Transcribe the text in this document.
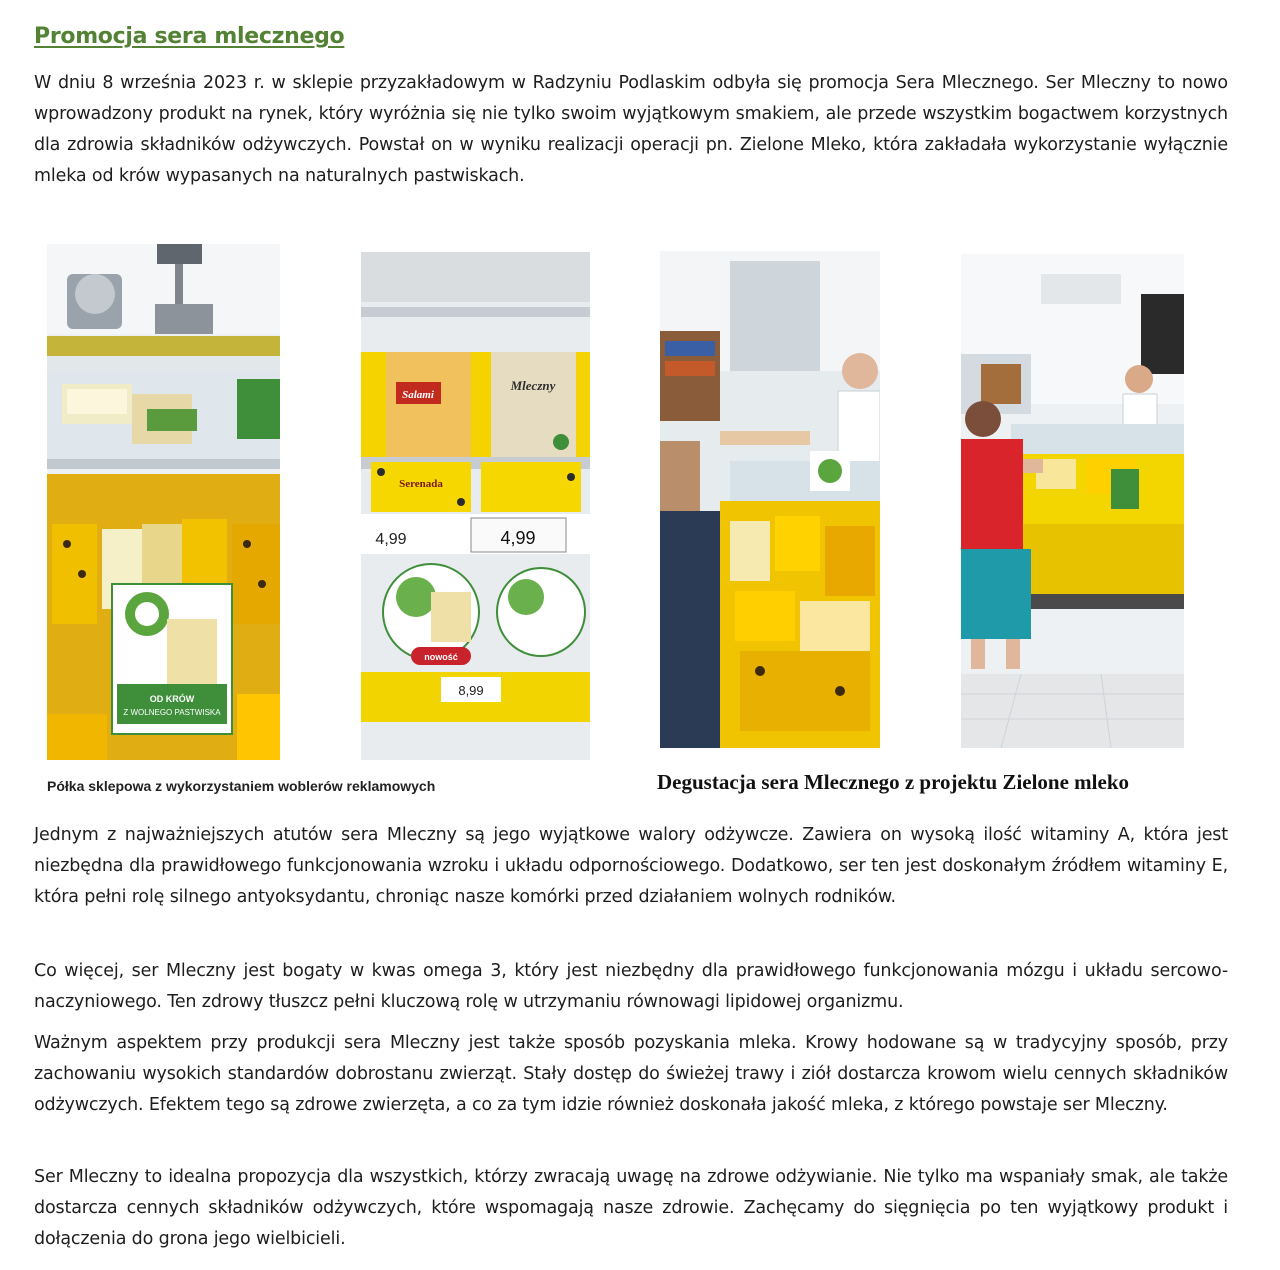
Promocja sera mlecznego

W dniu 8 września 2023 r. w sklepie przyzakładowym w Radzyniu Podlaskim odbyła się promocja Sera Mlecznego. Ser Mleczny to nowo wprowadzony produkt na rynek, który wyróżnia się nie tylko swoim wyjątkowym smakiem, ale przede wszystkim bogactwem korzystnych dla zdrowia składników odżywczych. Powstał on w wyniku realizacji operacji pn. Zielone Mleko, która zakładała wykorzystanie wyłącznie mleka od krów wypasanych na naturalnych pastwiskach.

OD KRÓW
Z WOLNEGO PASTWISKA
Salami
Mleczny
Serenada
4,99	4,99
nowość
8,99

Półka sklepowa z wykorzystaniem woblerów reklamowych	Degustacja sera Mlecznego z projektu Zielone mleko

Jednym z najważniejszych atutów sera Mleczny są jego wyjątkowe walory odżywcze. Zawiera on wysoką ilość witaminy A, która jest niezbędna dla prawidłowego funkcjonowania wzroku i układu odpornościowego. Dodatkowo, ser ten jest doskonałym źródłem witaminy E, która pełni rolę silnego antyoksydantu, chroniąc nasze komórki przed działaniem wolnych rodników.

Co więcej, ser Mleczny jest bogaty w kwas omega 3, który jest niezbędny dla prawidłowego funkcjonowania mózgu i układu sercowo-naczyniowego. Ten zdrowy tłuszcz pełni kluczową rolę w utrzymaniu równowagi lipidowej organizmu.

Ważnym aspektem przy produkcji sera Mleczny jest także sposób pozyskania mleka. Krowy hodowane są w tradycyjny sposób, przy zachowaniu wysokich standardów dobrostanu zwierząt. Stały dostęp do świeżej trawy i ziół dostarcza krowom wielu cennych składników odżywczych. Efektem tego są zdrowe zwierzęta, a co za tym idzie również doskonała jakość mleka, z którego powstaje ser Mleczny.

Ser Mleczny to idealna propozycja dla wszystkich, którzy zwracają uwagę na zdrowe odżywianie. Nie tylko ma wspaniały smak, ale także dostarcza cennych składników odżywczych, które wspomagają nasze zdrowie. Zachęcamy do sięgnięcia po ten wyjątkowy produkt i dołączenia do grona jego wielbicieli.
